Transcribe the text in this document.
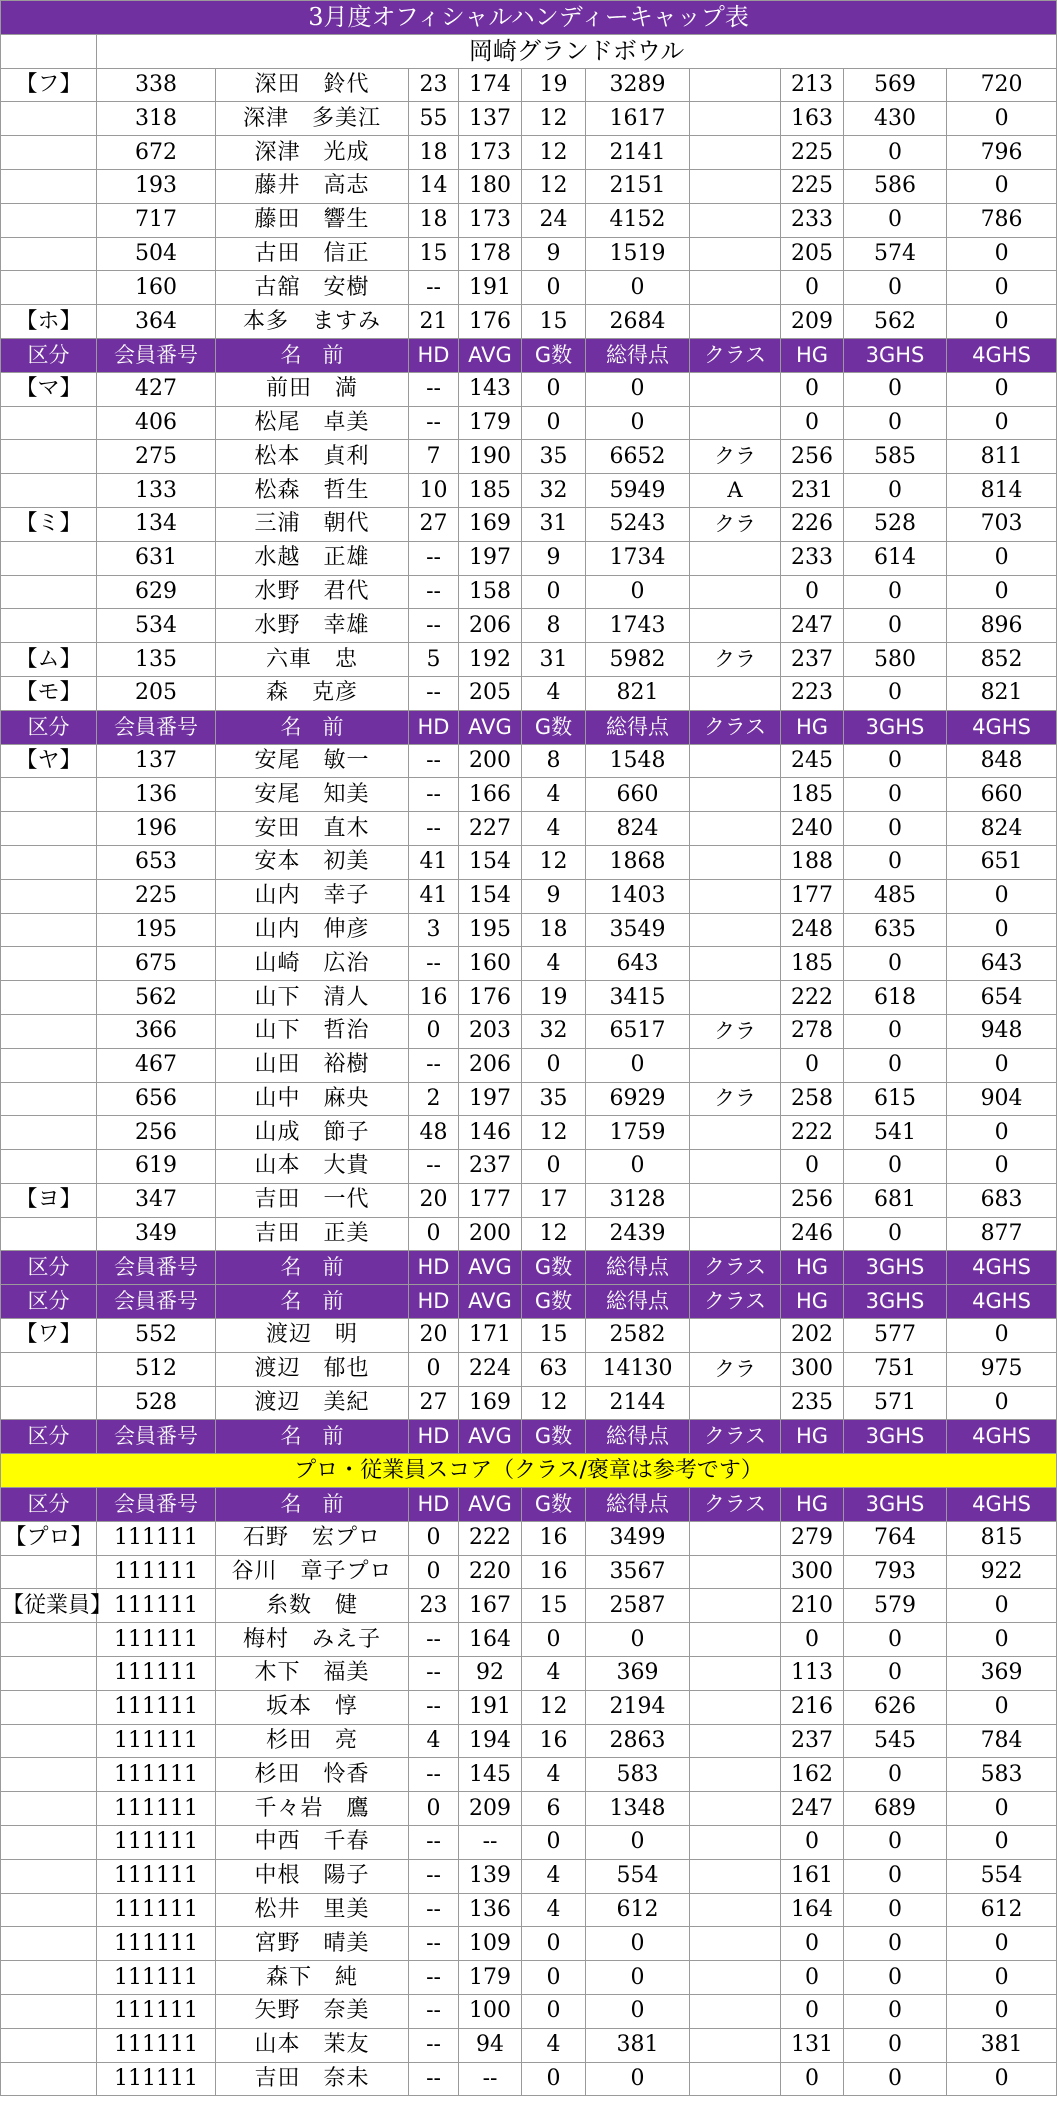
3月度オフィシャルハンディーキャップ表										
	岡崎グランドボウル									
【フ】	338	深田　鈴代	23	174	19	3289		213	569	720
	318	深津　多美江	55	137	12	1617		163	430	0
	672	深津　光成	18	173	12	2141		225	0	796
	193	藤井　高志	14	180	12	2151		225	586	0
	717	藤田　響生	18	173	24	4152		233	0	786
	504	古田　信正	15	178	9	1519		205	574	0
	160	古舘　安樹	--	191	0	0		0	0	0
【ホ】	364	本多　ますみ	21	176	15	2684		209	562	0
区分	会員番号	名　前	HD	AVG	G数	総得点	クラス	HG	3GHS	4GHS
【マ】	427	前田　満	--	143	0	0		0	0	0
	406	松尾　卓美	--	179	0	0		0	0	0
	275	松本　貞利	7	190	35	6652	クラ	256	585	811
	133	松森　哲生	10	185	32	5949	A	231	0	814
【ミ】	134	三浦　朝代	27	169	31	5243	クラ	226	528	703
	631	水越　正雄	--	197	9	1734		233	614	0
	629	水野　君代	--	158	0	0		0	0	0
	534	水野　幸雄	--	206	8	1743		247	0	896
【ム】	135	六車　忠	5	192	31	5982	クラ	237	580	852
【モ】	205	森　克彦	--	205	4	821		223	0	821
区分	会員番号	名　前	HD	AVG	G数	総得点	クラス	HG	3GHS	4GHS
【ヤ】	137	安尾　敏一	--	200	8	1548		245	0	848
	136	安尾　知美	--	166	4	660		185	0	660
	196	安田　直木	--	227	4	824		240	0	824
	653	安本　初美	41	154	12	1868		188	0	651
	225	山内　幸子	41	154	9	1403		177	485	0
	195	山内　伸彦	3	195	18	3549		248	635	0
	675	山崎　広治	--	160	4	643		185	0	643
	562	山下　清人	16	176	19	3415		222	618	654
	366	山下　哲治	0	203	32	6517	クラ	278	0	948
	467	山田　裕樹	--	206	0	0		0	0	0
	656	山中　麻央	2	197	35	6929	クラ	258	615	904
	256	山成　節子	48	146	12	1759		222	541	0
	619	山本　大貴	--	237	0	0		0	0	0
【ヨ】	347	吉田　一代	20	177	17	3128		256	681	683
	349	吉田　正美	0	200	12	2439		246	0	877
区分	会員番号	名　前	HD	AVG	G数	総得点	クラス	HG	3GHS	4GHS
区分	会員番号	名　前	HD	AVG	G数	総得点	クラス	HG	3GHS	4GHS
【ワ】	552	渡辺　明	20	171	15	2582		202	577	0
	512	渡辺　郁也	0	224	63	14130	クラ	300	751	975
	528	渡辺　美紀	27	169	12	2144		235	571	0
区分	会員番号	名　前	HD	AVG	G数	総得点	クラス	HG	3GHS	4GHS
プロ・従業員スコア（クラス/褒章は参考です）										
区分	会員番号	名　前	HD	AVG	G数	総得点	クラス	HG	3GHS	4GHS
【プロ】	111111	石野　宏プロ	0	222	16	3499		279	764	815
	111111	谷川　章子プロ	0	220	16	3567		300	793	922
【従業員】	111111	糸数　健	23	167	15	2587		210	579	0
	111111	梅村　みえ子	--	164	0	0		0	0	0
	111111	木下　福美	--	92	4	369		113	0	369
	111111	坂本　惇	--	191	12	2194		216	626	0
	111111	杉田　亮	4	194	16	2863		237	545	784
	111111	杉田　怜香	--	145	4	583		162	0	583
	111111	千々岩　鷹	0	209	6	1348		247	689	0
	111111	中西　千春	--	--	0	0		0	0	0
	111111	中根　陽子	--	139	4	554		161	0	554
	111111	松井　里美	--	136	4	612		164	0	612
	111111	宮野　晴美	--	109	0	0		0	0	0
	111111	森下　純	--	179	0	0		0	0	0
	111111	矢野　奈美	--	100	0	0		0	0	0
	111111	山本　茉友	--	94	4	381		131	0	381
	111111	吉田　奈未	--	--	0	0		0	0	0
